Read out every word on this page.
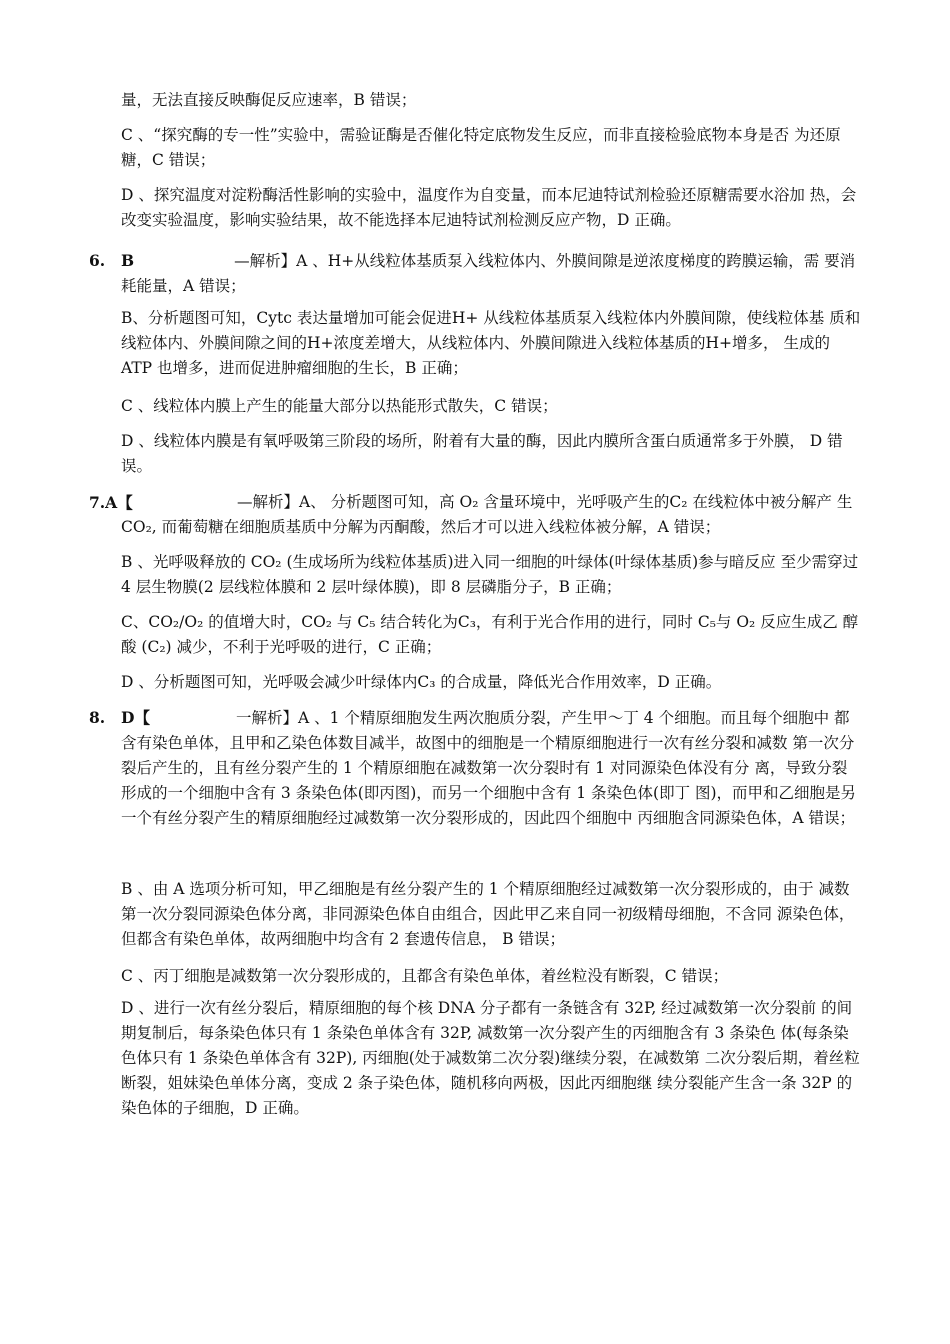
量，无法直接反映酶促反应速率，B 错误；

C 、“探究酶的专一性”实验中，需验证酶是否催化特定底物发生反应，而非直接检验底物本身是否 为还原糖，C 错误；

D 、探究温度对淀粉酶活性影响的实验中，温度作为自变量，而本尼迪特试剂检验还原糖需要水浴加 热，会改变实验温度，影响实验结果，故不能选择本尼迪特试剂检测反应产物，D 正确。

6. B	—解析】A 、H+从线粒体基质泵入线粒体内、外膜间隙是逆浓度梯度的跨膜运输，需 要消耗能量，A 错误；

B、分析题图可知，Cytc 表达量增加可能会促进H+ 从线粒体基质泵入线粒体内外膜间隙，使线粒体基 质和线粒体内、外膜间隙之间的H+浓度差增大，从线粒体内、外膜间隙进入线粒体基质的H+增多， 生成的ATP 也增多，进而促进肿瘤细胞的生长，B 正确；

C 、线粒体内膜上产生的能量大部分以热能形式散失，C 错误；

D 、线粒体内膜是有氧呼吸第三阶段的场所，附着有大量的酶，因此内膜所含蛋白质通常多于外膜， D 错误。

7.A【	—解析】A、 分析题图可知，高 O₂ 含量环境中，光呼吸产生的C₂ 在线粒体中被分解产 生CO₂, 而葡萄糖在细胞质基质中分解为丙酮酸，然后才可以进入线粒体被分解，A 错误；

B 、光呼吸释放的 CO₂ (生成场所为线粒体基质)进入同一细胞的叶绿体(叶绿体基质)参与暗反应 至少需穿过 4 层生物膜(2 层线粒体膜和 2 层叶绿体膜)，即 8 层磷脂分子，B 正确；

C、CO₂/O₂ 的值增大时，CO₂ 与 C₅ 结合转化为C₃，有利于光合作用的进行，同时 C₅与 O₂ 反应生成乙 醇酸 (C₂) 减少，不利于光呼吸的进行，C 正确；

D 、分析题图可知，光呼吸会减少叶绿体内C₃ 的合成量，降低光合作用效率，D 正确。

8. D【	一解析】A 、1 个精原细胞发生两次胞质分裂，产生甲～丁 4 个细胞。而且每个细胞中 都含有染色单体，且甲和乙染色体数目减半，故图中的细胞是一个精原细胞进行一次有丝分裂和减数 第一次分裂后产生的，且有丝分裂产生的 1 个精原细胞在减数第一次分裂时有 1 对同源染色体没有分 离，导致分裂形成的一个细胞中含有 3 条染色体(即丙图)，而另一个细胞中含有 1 条染色体(即丁 图)，而甲和乙细胞是另一个有丝分裂产生的精原细胞经过减数第一次分裂形成的，因此四个细胞中 丙细胞含同源染色体，A 错误；

B 、由 A 选项分析可知，甲乙细胞是有丝分裂产生的 1 个精原细胞经过减数第一次分裂形成的，由于 减数第一次分裂同源染色体分离，非同源染色体自由组合，因此甲乙来自同一初级精母细胞，不含同 源染色体，但都含有染色单体，故两细胞中均含有 2 套遗传信息， B 错误；

C 、丙丁细胞是减数第一次分裂形成的，且都含有染色单体，着丝粒没有断裂，C 错误；

D 、进行一次有丝分裂后，精原细胞的每个核 DNA 分子都有一条链含有 32P, 经过减数第一次分裂前 的间期复制后，每条染色体只有 1 条染色单体含有 32P, 减数第一次分裂产生的丙细胞含有 3 条染色 体(每条染色体只有 1 条染色单体含有 32P), 丙细胞(处于减数第二次分裂)继续分裂，在减数第 二次分裂后期，着丝粒断裂，姐妹染色单体分离，变成 2 条子染色体，随机移向两极，因此丙细胞继 续分裂能产生含一条 32P 的染色体的子细胞，D 正确。
